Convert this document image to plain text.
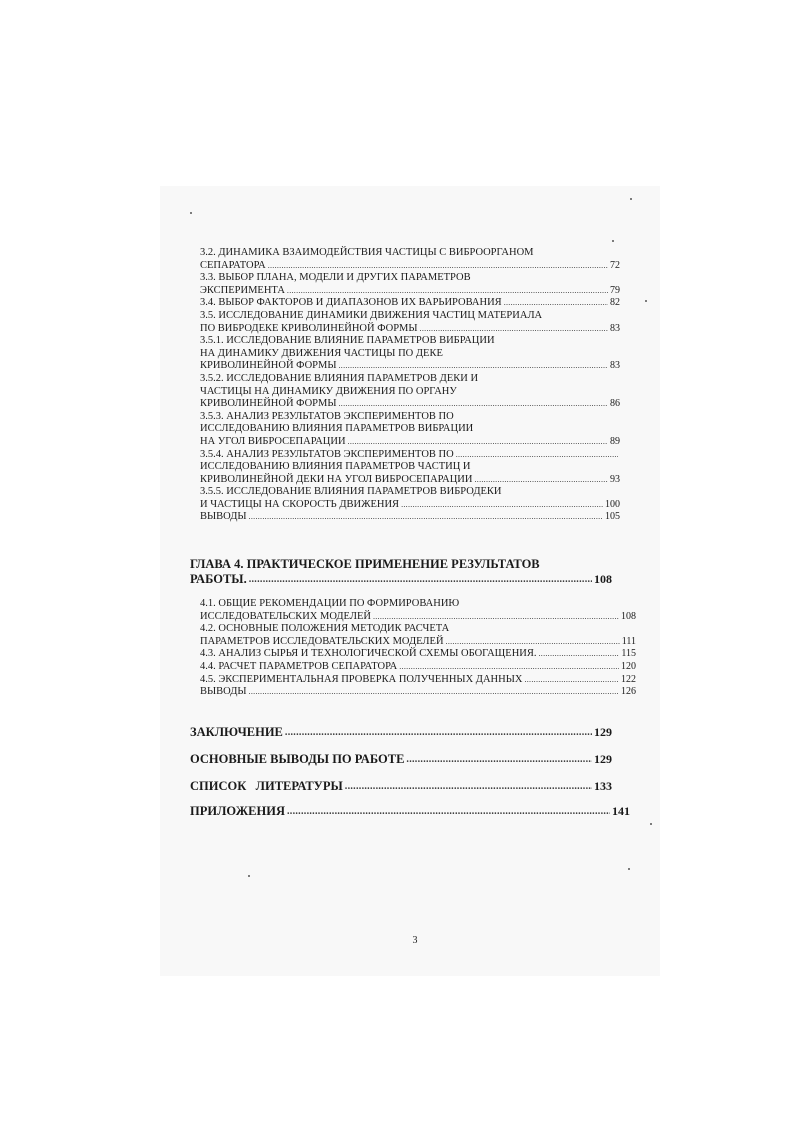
3.2. ДИНАМИКА ВЗАИМОДЕЙСТВИЯ ЧАСТИЦЫ С ВИБРООРГАНОМ
СЕПАРАТОРА .....	72
3.3. ВЫБОР ПЛАНА, МОДЕЛИ И ДРУГИХ ПАРАМЕТРОВ
ЭКСПЕРИМЕНТА .....	79
3.4. ВЫБОР ФАКТОРОВ И ДИАПАЗОНОВ ИХ ВАРЬИРОВАНИЯ .....	82
3.5. ИССЛЕДОВАНИЕ ДИНАМИКИ ДВИЖЕНИЯ ЧАСТИЦ МАТЕРИАЛА
ПО ВИБРОДЕКЕ КРИВОЛИНЕЙНОЙ ФОРМЫ .....	83
3.5.1. ИССЛЕДОВАНИЕ ВЛИЯНИЕ ПАРАМЕТРОВ ВИБРАЦИИ
НА ДИНАМИКУ ДВИЖЕНИЯ ЧАСТИЦЫ ПО ДЕКЕ
КРИВОЛИНЕЙНОЙ ФОРМЫ .....	83
3.5.2. ИССЛЕДОВАНИЕ ВЛИЯНИЯ ПАРАМЕТРОВ ДЕКИ И
ЧАСТИЦЫ НА ДИНАМИКУ ДВИЖЕНИЯ ПО ОРГАНУ
КРИВОЛИНЕЙНОЙ ФОРМЫ .....	86
3.5.3. АНАЛИЗ РЕЗУЛЬТАТОВ ЭКСПЕРИМЕНТОВ ПО
ИССЛЕДОВАНИЮ ВЛИЯНИЯ ПАРАМЕТРОВ ВИБРАЦИИ
НА УГОЛ ВИБРОСЕПАРАЦИИ .....	89
3.5.4. АНАЛИЗ РЕЗУЛЬТАТОВ ЭКСПЕРИМЕНТОВ ПО
.....
ИССЛЕДОВАНИЮ ВЛИЯНИЯ ПАРАМЕТРОВ ЧАСТИЦ И
КРИВОЛИНЕЙНОЙ ДЕКИ НА УГОЛ ВИБРОСЕПАРАЦИИ .....	93
3.5.5. ИССЛЕДОВАНИЕ ВЛИЯНИЯ ПАРАМЕТРОВ ВИБРОДЕКИ
И ЧАСТИЦЫ НА СКОРОСТЬ ДВИЖЕНИЯ .....	100
ВЫВОДЫ .....	105
ГЛАВА 4. ПРАКТИЧЕСКОЕ ПРИМЕНЕНИЕ РЕЗУЛЬТАТОВ
РАБОТЫ. .....	108
4.1. ОБЩИЕ РЕКОМЕНДАЦИИ ПО ФОРМИРОВАНИЮ
ИССЛЕДОВАТЕЛЬСКИХ МОДЕЛЕЙ .....	108
4.2. ОСНОВНЫЕ ПОЛОЖЕНИЯ МЕТОДИК РАСЧЕТА
ПАРАМЕТРОВ ИССЛЕДОВАТЕЛЬСКИХ МОДЕЛЕЙ .....	111
4.3. АНАЛИЗ СЫРЬЯ И ТЕХНОЛОГИЧЕСКОЙ СХЕМЫ ОБОГАЩЕНИЯ. .....	115
4.4. РАСЧЕТ ПАРАМЕТРОВ СЕПАРАТОРА .....	120
4.5. ЭКСПЕРИМЕНТАЛЬНАЯ ПРОВЕРКА ПОЛУЧЕННЫХ ДАННЫХ .....	122
ВЫВОДЫ .....	126
ЗАКЛЮЧЕНИЕ .....	129
ОСНОВНЫЕ ВЫВОДЫ ПО РАБОТЕ .....	129
СПИСОК   ЛИТЕРАТУРЫ .....	133
ПРИЛОЖЕНИЯ .....	141
3
